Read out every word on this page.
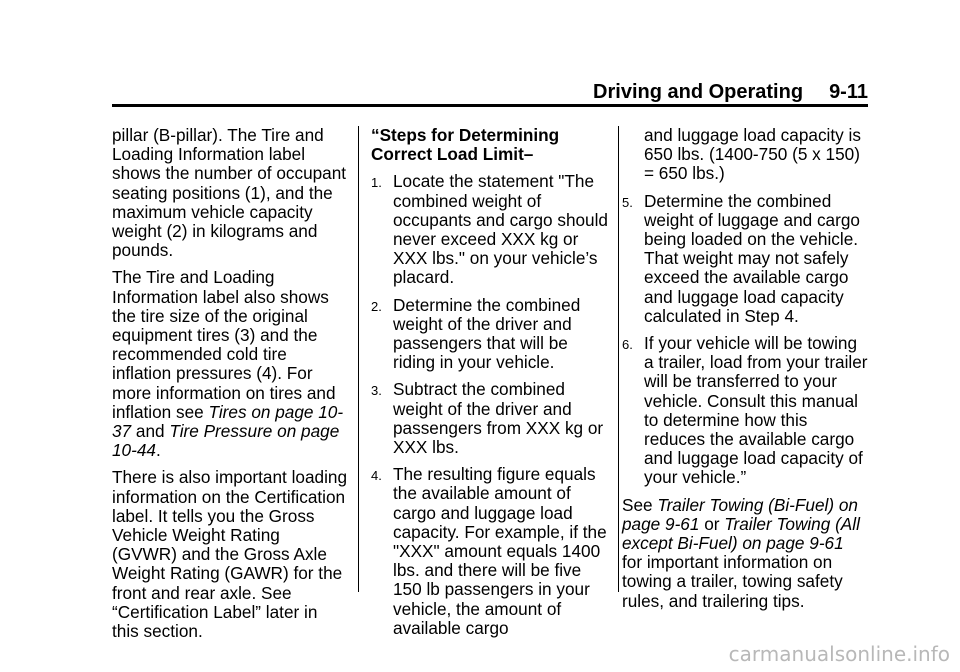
Driving and Operating 9-11

pillar (B-pillar). The Tire and Loading Information label shows the number of occupant seating positions (1), and the maximum vehicle capacity weight (2) in kilograms and pounds.

The Tire and Loading Information label also shows the tire size of the original equipment tires (3) and the recommended cold tire inflation pressures (4). For more information on tires and inflation see Tires on page 10-37 and Tire Pressure on page 10-44.

There is also important loading information on the Certification label. It tells you the Gross Vehicle Weight Rating (GVWR) and the Gross Axle Weight Rating (GAWR) for the front and rear axle. See “Certification Label” later in this section.

“Steps for Determining Correct Load Limit–

1. Locate the statement "The combined weight of occupants and cargo should never exceed XXX kg or XXX lbs." on your vehicle’s placard.

2. Determine the combined weight of the driver and passengers that will be riding in your vehicle.

3. Subtract the combined weight of the driver and passengers from XXX kg or XXX lbs.

4. The resulting figure equals the available amount of cargo and luggage load capacity. For example, if the "XXX" amount equals 1400 lbs. and there will be five 150 lb passengers in your vehicle, the amount of available cargo

and luggage load capacity is 650 lbs. (1400-750 (5 x 150) = 650 lbs.)

5. Determine the combined weight of luggage and cargo being loaded on the vehicle. That weight may not safely exceed the available cargo and luggage load capacity calculated in Step 4.

6. If your vehicle will be towing a trailer, load from your trailer will be transferred to your vehicle. Consult this manual to determine how this reduces the available cargo and luggage load capacity of your vehicle.”

See Trailer Towing (Bi-Fuel) on page 9-61 or Trailer Towing (All except Bi-Fuel) on page 9-61 for important information on towing a trailer, towing safety rules, and trailering tips.

carmanualsonline.info
